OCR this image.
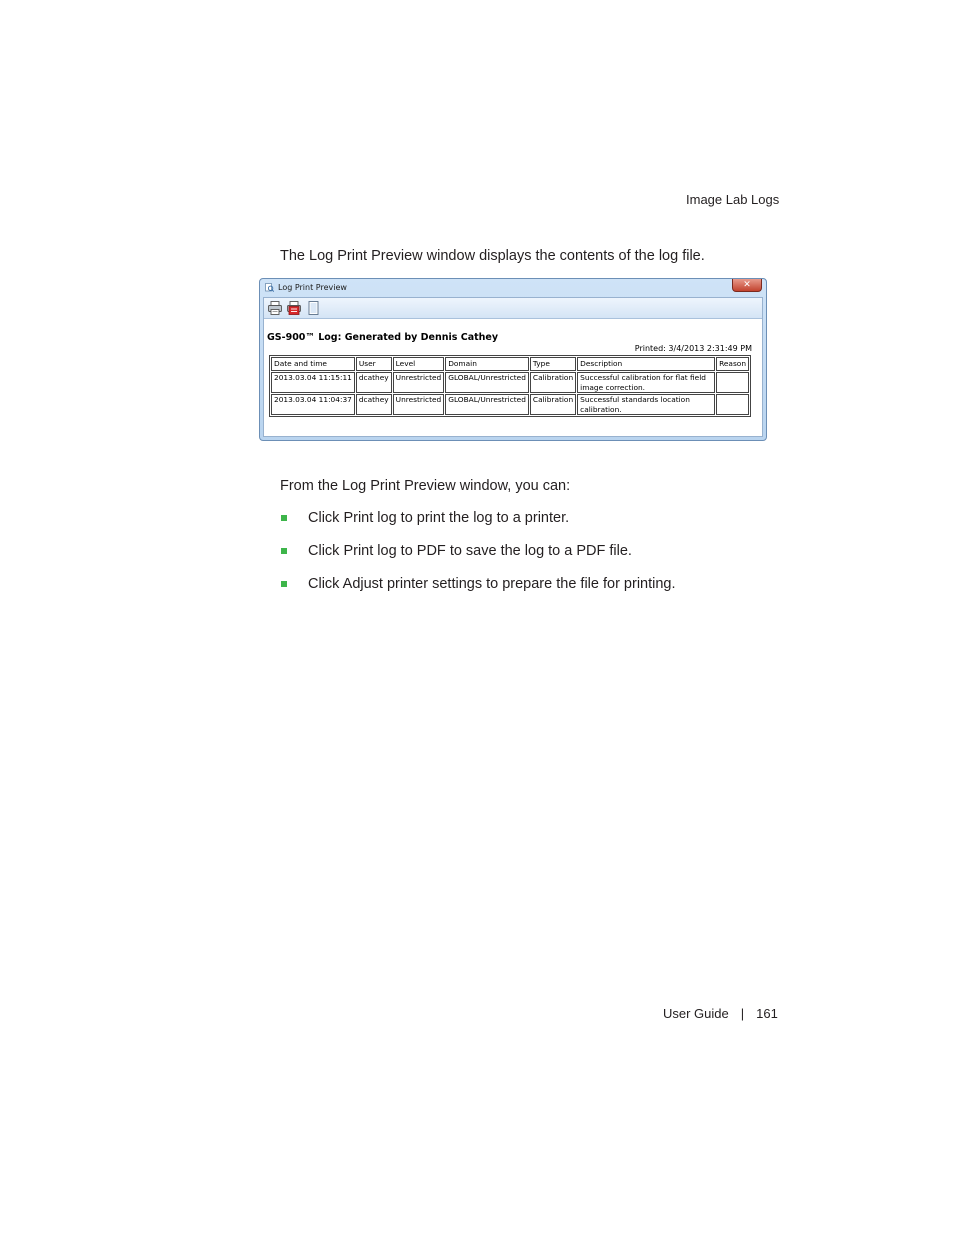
Image Lab Logs

The Log Print Preview window displays the contents of the log file.

Log Print Preview	✕
GS-900™ Log: Generated by Dennis Cathey
Printed: 3/4/2013 2:31:49 PM
Date and time	User	Level	Domain	Type	Description	Reason
2013.03.04 11:15:11	dcathey	Unrestricted	GLOBAL/Unrestricted	Calibration	Successful calibration for flat field image correction.	
2013.03.04 11:04:37	dcathey	Unrestricted	GLOBAL/Unrestricted	Calibration	Successful standards location calibration.	

From the Log Print Preview window, you can:

Click Print log to print the log to a printer.
Click Print log to PDF to save the log to a PDF file.
Click Adjust printer settings to prepare the file for printing.
User Guide | 161
